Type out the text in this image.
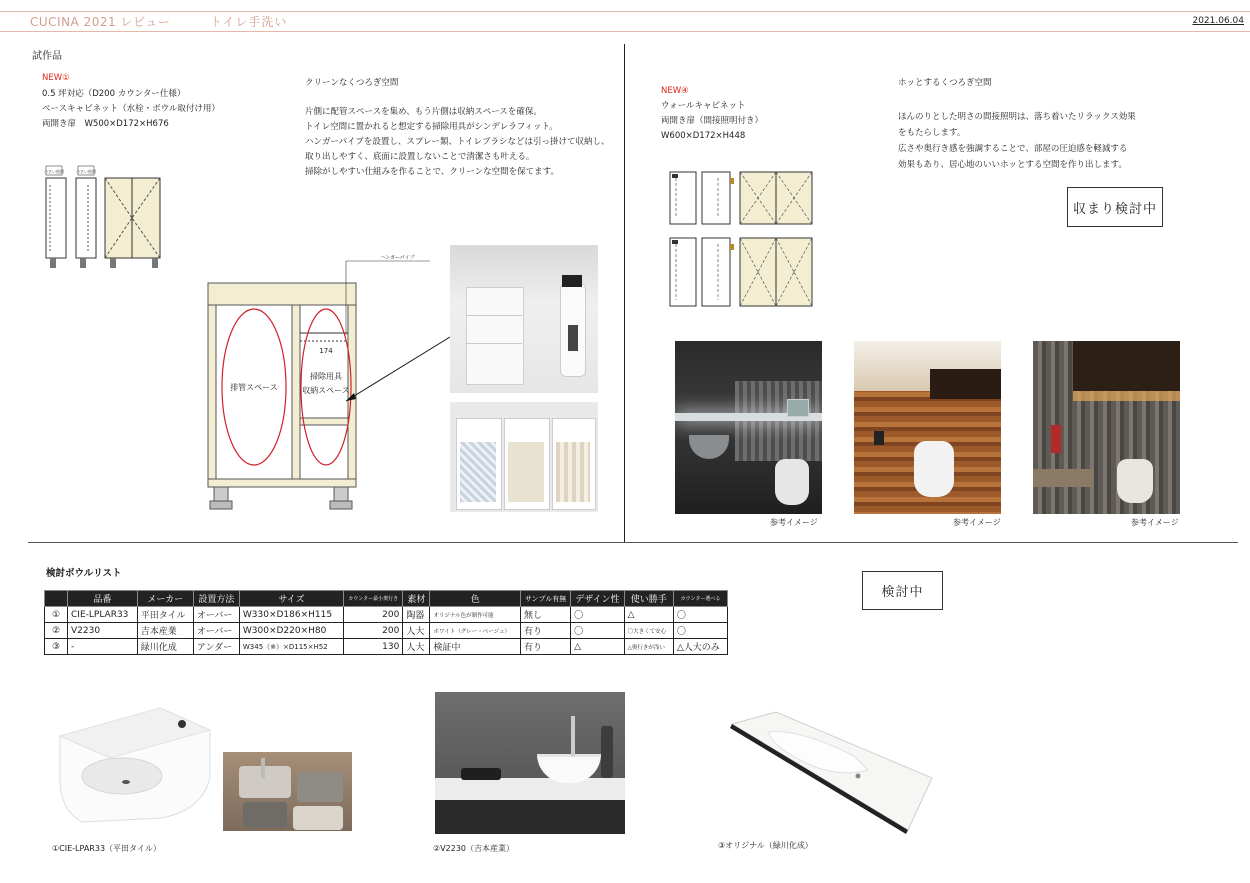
CUCINA 2021 レビュー	トイレ手洗い	2021.06.04
試作品
NEW①
0.5 坪対応（D200 カウンター仕様）
ベースキャビネット（水栓・ボウル取付け用）
両開き扉　W500×D172×H676
クリーンなくつろぎ空間
片側に配管スペースを集め、もう片側は収納スペースを確保。
トイレ空間に置かれると想定する掃除用具がシンデレラフィット。
ハンガーパイプを設置し、スプレー類、トイレブラシなどは引っ掛けて収納し、
取り出しやすく、底面に設置しないことで清潔さも叶える。
掃除がしやすい仕組みを作ることで、クリーンな空間を保てます。
小さい展開	小さい展開
174
ハンガーパイプ
排管スペース
掃除用具
収納スペース
NEW④
ウォールキャビネット
両開き扉（間接照明付き）
W600×D172×H448
ホッとするくつろぎ空間
ほんのりとした明さの間接照明は、落ち着いたリラックス効果
をもたらします。
広さや奥行き感を強調することで、部屋の圧迫感を軽減する
効果もあり、居心地のいいホッとする空間を作り出します。
収まり検討中
参考イメージ	参考イメージ	参考イメージ
検討ボウルリスト
検討中
	品番	メーカー	設置方法	サイズ	カウンター最小奥行き	素材	色	サンプル有無	デザイン性	使い勝手	カウンター選べる
①	CIE-LPLAR33	平田タイル	オーバー	W330×D186×H115	200	陶器	オリジナル色が制作可能	無し	〇	△	〇
②	V2230	吉本産業	オーバー	W300×D220×H80	200	人大	ホワイト（グレー・ベージュ）	有り	〇	〇大きくて安心	〇
③	-	緑川化成	アンダー	W345（※）×D115×H52	130	人大	検証中	有り	△	△奥行きが浅い	△人大のみ
①CIE-LPAR33（平田タイル）	②V2230（吉本産業）	③オリジナル（緑川化成）
